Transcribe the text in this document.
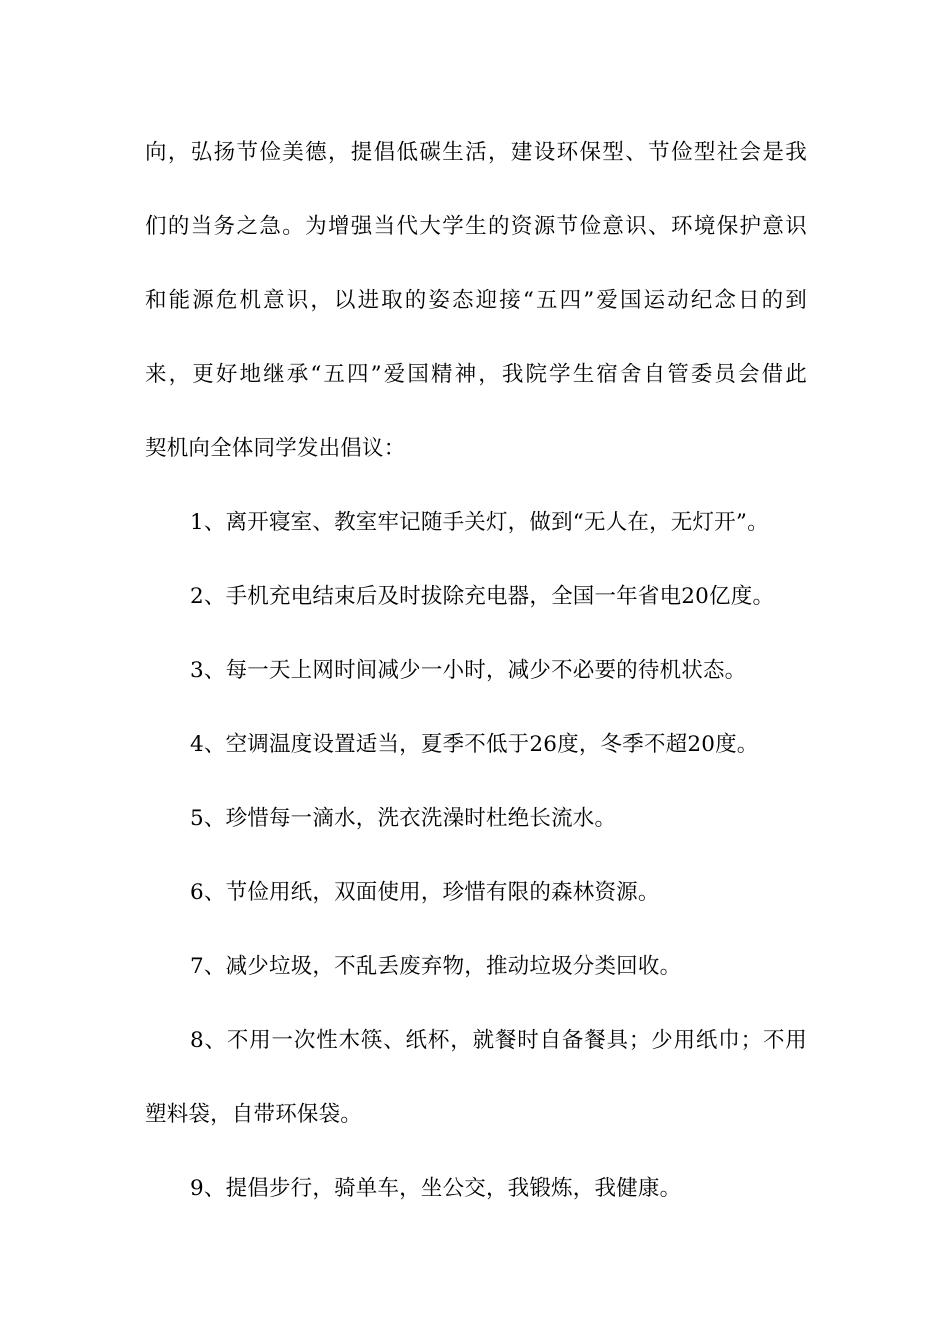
向，弘扬节俭美德，提倡低碳生活，建设环保型、节俭型社会是我
们的当务之急。为增强当代大学生的资源节俭意识、环境保护意识
和能源危机意识，以进取的姿态迎接“五四”爱国运动纪念日的到
来，更好地继承“五四”爱国精神，我院学生宿舍自管委员会借此
契机向全体同学发出倡议：
1、离开寝室、教室牢记随手关灯，做到“无人在，无灯开”。
2、手机充电结束后及时拔除充电器，全国一年省电20亿度。
3、每一天上网时间减少一小时，减少不必要的待机状态。
4、空调温度设置适当，夏季不低于26度，冬季不超20度。
5、珍惜每一滴水，洗衣洗澡时杜绝长流水。
6、节俭用纸，双面使用，珍惜有限的森林资源。
7、减少垃圾，不乱丢废弃物，推动垃圾分类回收。
8、不用一次性木筷、纸杯，就餐时自备餐具；少用纸巾；不用
塑料袋，自带环保袋。
9、提倡步行，骑单车，坐公交，我锻炼，我健康。
